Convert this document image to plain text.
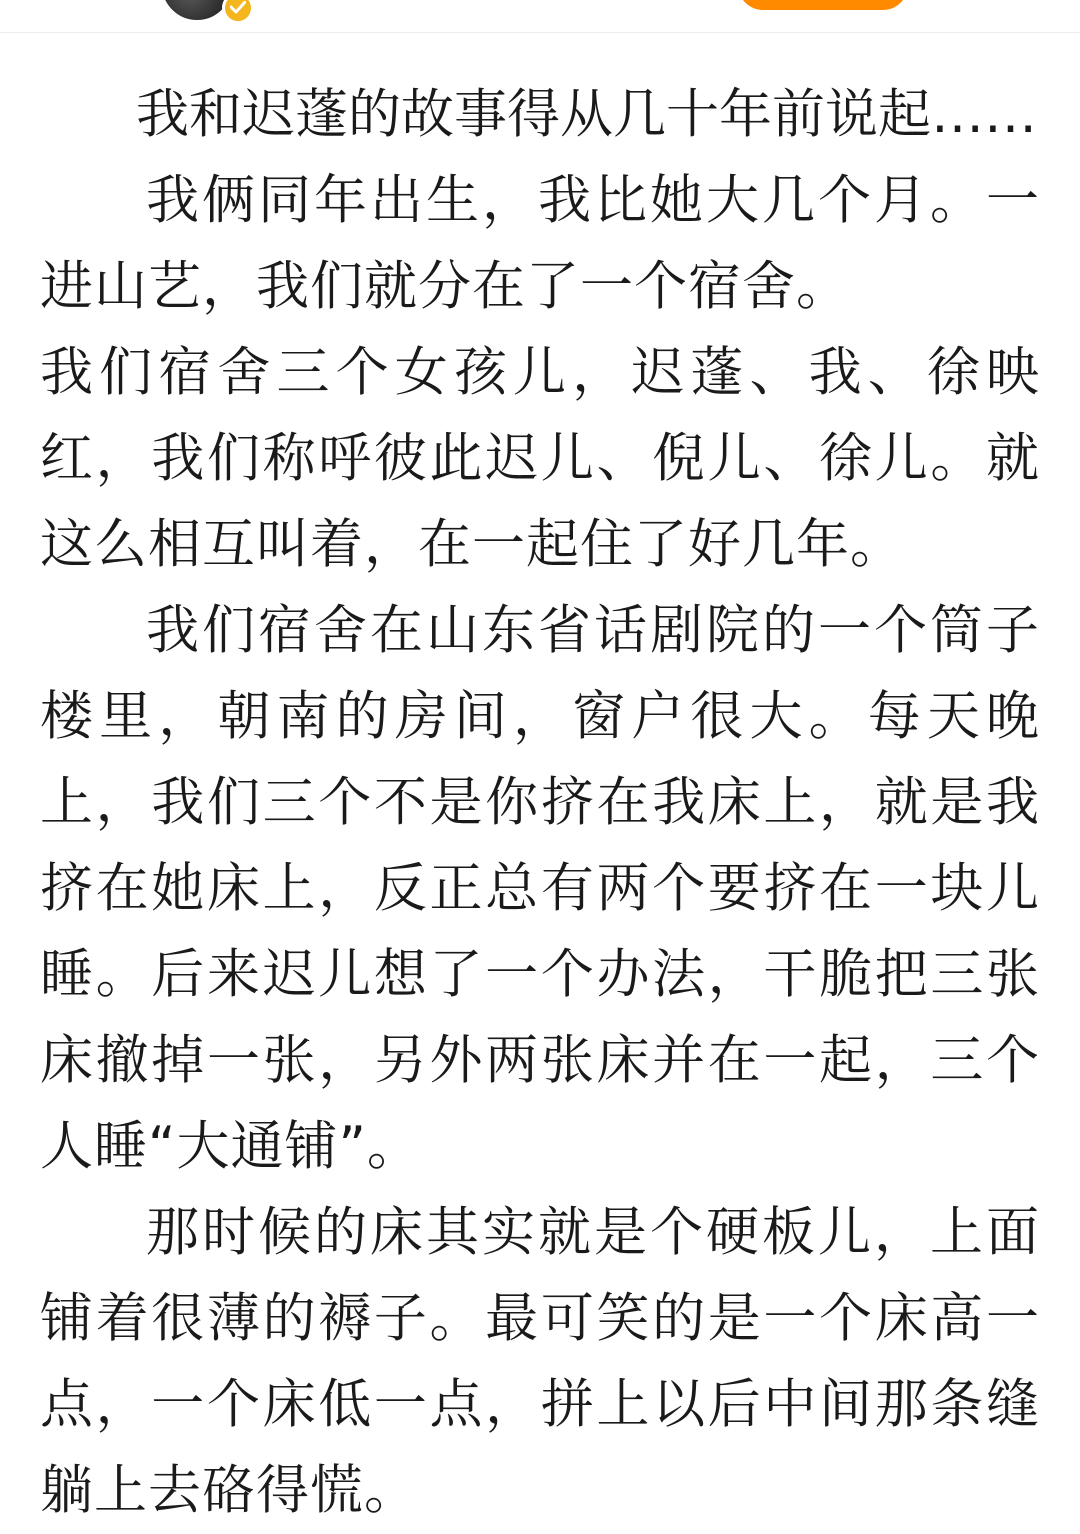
我和迟蓬的故事得从几十年前说起……

我俩同年出生，我比她大几个月。一进山艺，我们就分在了一个宿舍。

我们宿舍三个女孩儿，迟蓬、我、徐映红，我们称呼彼此迟儿、倪儿、徐儿。就这么相互叫着，在一起住了好几年。

我们宿舍在山东省话剧院的一个筒子楼里，朝南的房间，窗户很大。每天晚上，我们三个不是你挤在我床上，就是我挤在她床上，反正总有两个要挤在一块儿睡。后来迟儿想了一个办法，干脆把三张床撤掉一张，另外两张床并在一起，三个人睡“大通铺”。

那时候的床其实就是个硬板儿，上面铺着很薄的褥子。最可笑的是一个床高一点，一个床低一点，拼上以后中间那条缝躺上去硌得慌。
